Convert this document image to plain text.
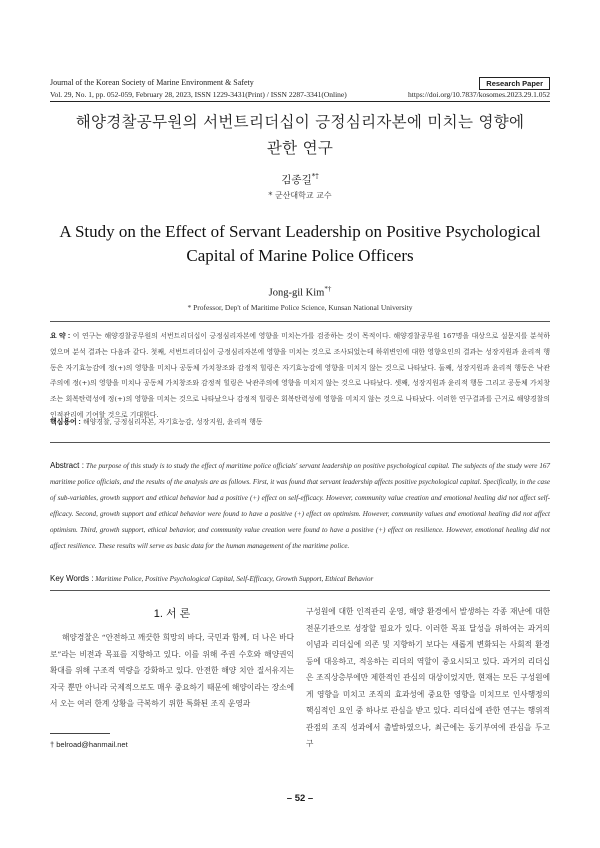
Journal of the Korean Society of Marine Environment & Safety	Research Paper
Vol. 29, No. 1, pp. 052-059, February 28, 2023, ISSN 1229-3431(Print) / ISSN 2287-3341(Online)	https://doi.org/10.7837/kosomes.2023.29.1.052
해양경찰공무원의 서번트리더십이 긍정심리자본에 미치는 영향에
관한 연구
김종길*†
* 군산대학교 교수
A Study on the Effect of Servant Leadership on Positive Psychological
Capital of Marine Police Officers
Jong-gil Kim*†
* Professor, Dep't of Maritime Police Science, Kunsan National University
요 약 : 이 연구는 해양경찰공무원의 서번트리더십이 긍정심리자본에 영향을 미치는가를 검증하는 것이 목적이다. 해양경찰공무원 167명을 대상으로 설문지를 분석하였으며 분석 결과는 다음과 같다. 첫째, 서번트리더십이 긍정심리자본에 영향을 미치는 것으로 조사되었는데 하위변인에 대한 영향요인의 결과는 성장지원과 윤리적 행동은 자기효능감에 정(+)의 영향을 미치나 공동체 가치창조와 감정적 힐링은 자기효능감에 영향을 미치지 않는 것으로 나타났다. 둘째, 성장지원과 윤리적 행동은 낙관주의에 정(+)의 영향을 미치나 공동체 가치창조와 감정적 힐링은 낙관주의에 영향을 미치지 않는 것으로 나타났다. 셋째, 성장지원과 윤리적 행동 그리고 공동체 가치창조는 회복탄력성에 정(+)의 영향을 미치는 것으로 나타났으나 감정적 힐링은 회복탄력성에 영향을 미치지 않는 것으로 나타났다. 이러한 연구결과를 근거로 해양경찰의 인적관리에 기여할 것으로 기대한다.
핵심용어 : 해양경찰, 긍정심리자본, 자기효능감, 성장지원, 윤리적 행동
Abstract : The purpose of this study is to study the effect of maritime police officials' servant leadership on positive psychological capital. The subjects of the study were 167 maritime police officials, and the results of the analysis are as follows. First, it was found that servant leadership affects positive psychological capital. Specifically, in the case of sub-variables, growth support and ethical behavior had a positive (+) effect on self-efficacy. However, community value creation and emotional healing did not affect self-efficacy. Second, growth support and ethical behavior were found to have a positive (+) effect on optimism. However, community values and emotional healing did not affect optimism. Third, growth support, ethical behavior, and community value creation were found to have a positive (+) effect on resilience. However, emotional healing did not affect resilience. These results will serve as basic data for the human management of the maritime police.
Key Words : Maritime Police, Positive Psychological Capital, Self-Efficacy, Growth Support, Ethical Behavior
1. 서 론

해양경찰은 “안전하고 깨끗한 희망의 바다, 국민과 함께, 더 나은 바다로”라는 비전과 목표를 지향하고 있다. 이를 위해 주권 수호와 해양권익 확대를 위해 구조적 역량을 강화하고 있다. 안전한 해양 치안 질서유지는 자국 뿐만 아니라 국제적으로도 매우 중요하기 때문에 해양이라는 장소에서 오는 여러 한계 상황을 극복하기 위한 특화된 조직 운영과

구성원에 대한 인적관리 운영, 해양 환경에서 발생하는 각종 재난에 대한 전문기관으로 성장할 필요가 있다. 이러한 목표 달성을 위하여는 과거의 이념과 리더십에 의존 및 지향하기 보다는 새롭게 변화되는 사회적 환경 등에 대응하고, 적응하는 리더의 역할이 중요시되고 있다. 과거의 리더십은 조직상층부에만 제한적인 관심의 대상이었지만, 현재는 모든 구성원에게 영향을 미치고 조직의 효과성에 중요한 영향을 미치므로 인사행정의 핵심적인 요인 중 하나로 관심을 받고 있다. 리더십에 관한 연구는 행위적 관점의 조직 성과에서 출발하였으나, 최근에는 동기부여에 관심을 두고 구

† belroad@hanmail.net
– 52 –
